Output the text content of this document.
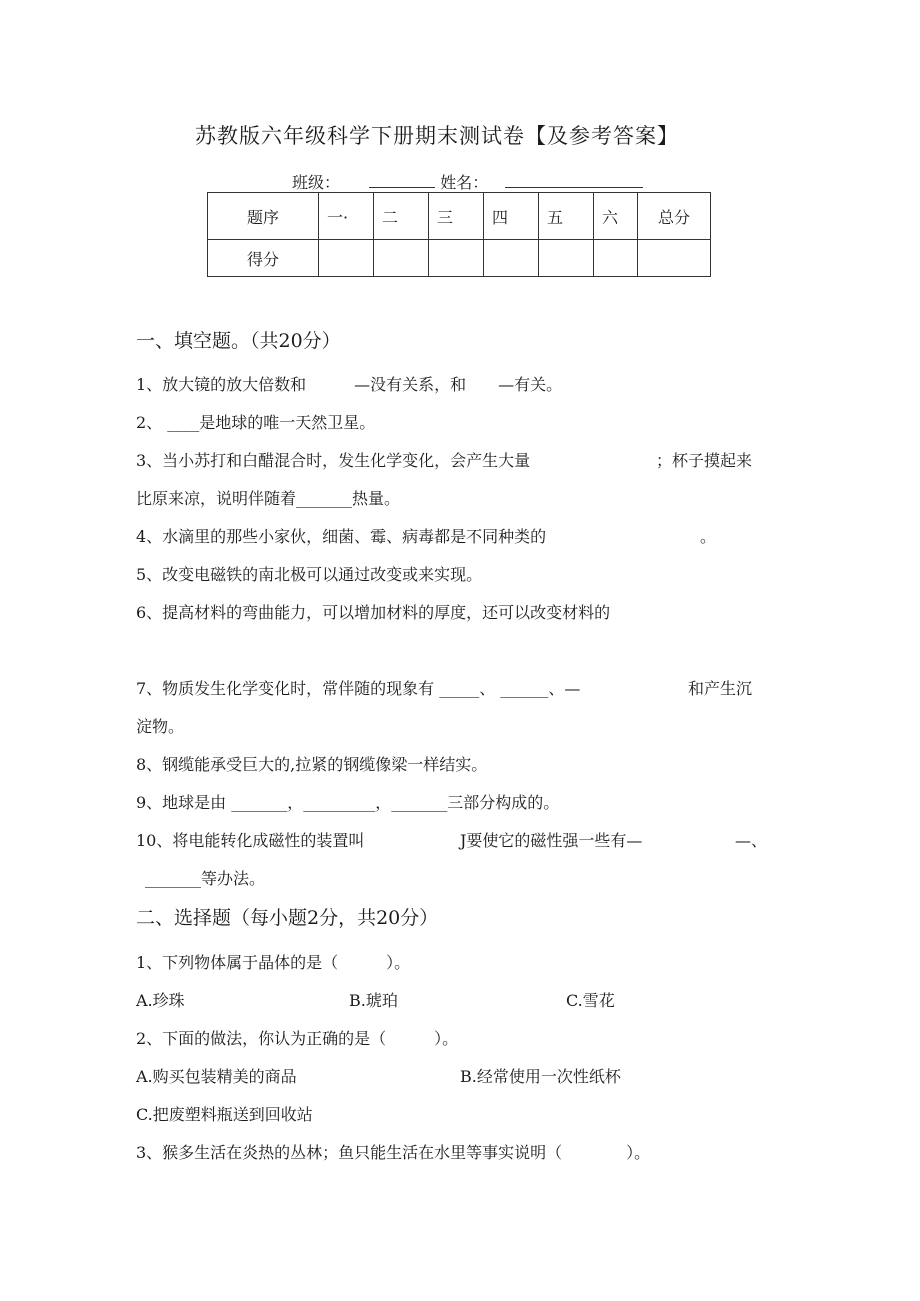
苏教版六年级科学下册期末测试卷【及参考答案】
班级：	姓名：
题序	一·	二	三	四	五	六	总分
得分							
一、填空题。（共20分）
1、放大镜的放大倍数和　　　—没有关系，和　　—有关。
2、 ____是地球的唯一天然卫星。
3、当小苏打和白醋混合时，发生化学变化，会产生大量	；杯子摸起来
比原来凉，说明伴随着_______热量。
4、水滴里的那些小家伙，细菌、霉、病毒都是不同种类的	。
5、改变电磁铁的南北极可以通过改变或来实现。
6、提高材料的弯曲能力，可以增加材料的厚度，还可以改变材料的
7、物质发生化学变化时，常伴随的现象有 _____、 ______、—	和产生沉
淀物。
8、钢缆能承受巨大的,拉紧的钢缆像梁一样结实。
9、地球是由 _______，_________，_______三部分构成的。
10、将电能转化成磁性的装置叫	J要使它的磁性强一些有—	—、
_______等办法。
二、选择题（每小题2分，共20分）
1、下列物体属于晶体的是（　　　）。
A.珍珠	B.琥珀	C.雪花
2、下面的做法，你认为正确的是（　　　）。
A.购买包装精美的商品	B.经常使用一次性纸杯
C.把废塑料瓶送到回收站
3、猴多生活在炎热的丛林；鱼只能生活在水里等事实说明（　　　　）。
